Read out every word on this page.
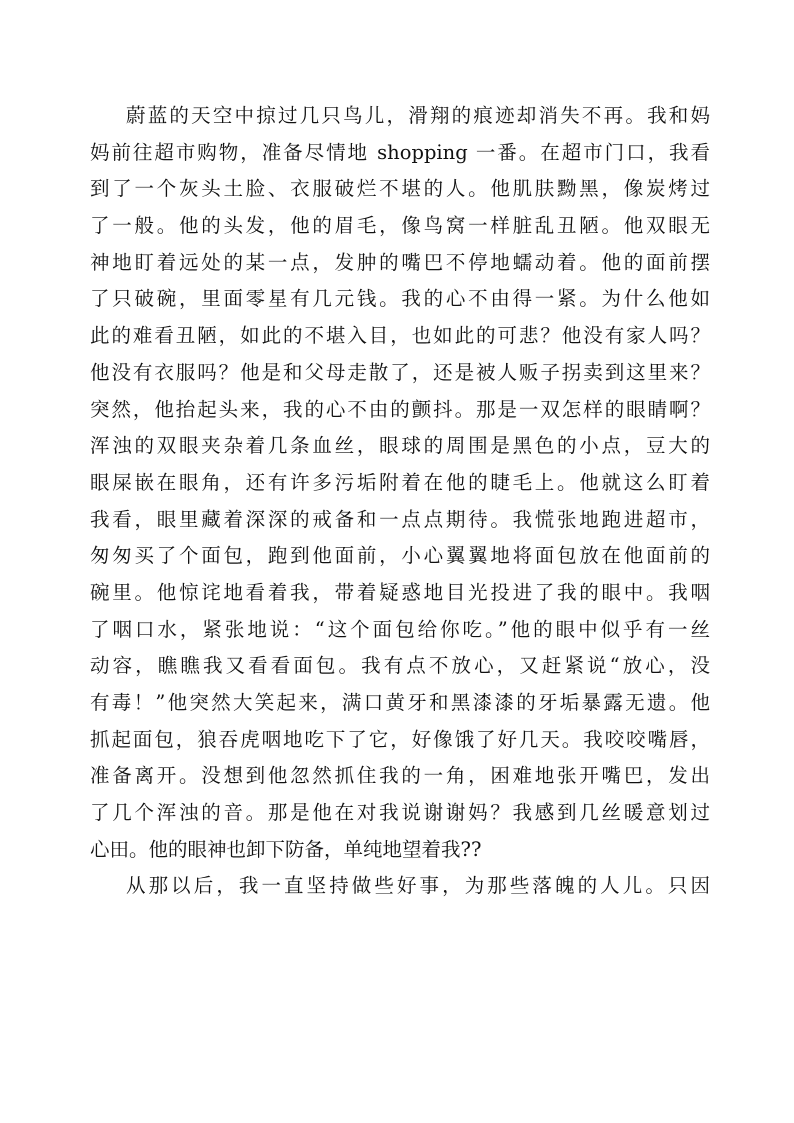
蔚蓝的天空中掠过几只鸟儿，滑翔的痕迹却消失不再。我和妈
妈前往超市购物，准备尽情地 shopping 一番。在超市门口，我看
到了一个灰头土脸、衣服破烂不堪的人。他肌肤黝黑，像炭烤过
了一般。他的头发，他的眉毛，像鸟窝一样脏乱丑陋。他双眼无
神地盯着远处的某一点，发肿的嘴巴不停地蠕动着。他的面前摆
了只破碗，里面零星有几元钱。我的心不由得一紧。为什么他如
此的难看丑陋，如此的不堪入目，也如此的可悲？他没有家人吗？
他没有衣服吗？他是和父母走散了，还是被人贩子拐卖到这里来？
突然，他抬起头来，我的心不由的颤抖。那是一双怎样的眼睛啊？
浑浊的双眼夹杂着几条血丝，眼球的周围是黑色的小点，豆大的
眼屎嵌在眼角，还有许多污垢附着在他的睫毛上。他就这么盯着
我看，眼里藏着深深的戒备和一点点期待。我慌张地跑进超市，
匆匆买了个面包，跑到他面前，小心翼翼地将面包放在他面前的
碗里。他惊诧地看着我，带着疑惑地目光投进了我的眼中。我咽
了咽口水，紧张地说：“这个面包给你吃。”他的眼中似乎有一丝
动容，瞧瞧我又看看面包。我有点不放心，又赶紧说“放心，没
有毒！”他突然大笑起来，满口黄牙和黑漆漆的牙垢暴露无遗。他
抓起面包，狼吞虎咽地吃下了它，好像饿了好几天。我咬咬嘴唇，
准备离开。没想到他忽然抓住我的一角，困难地张开嘴巴，发出
了几个浑浊的音。那是他在对我说谢谢妈？我感到几丝暖意划过
心田。他的眼神也卸下防备，单纯地望着我??
从那以后，我一直坚持做些好事，为那些落魄的人儿。只因
